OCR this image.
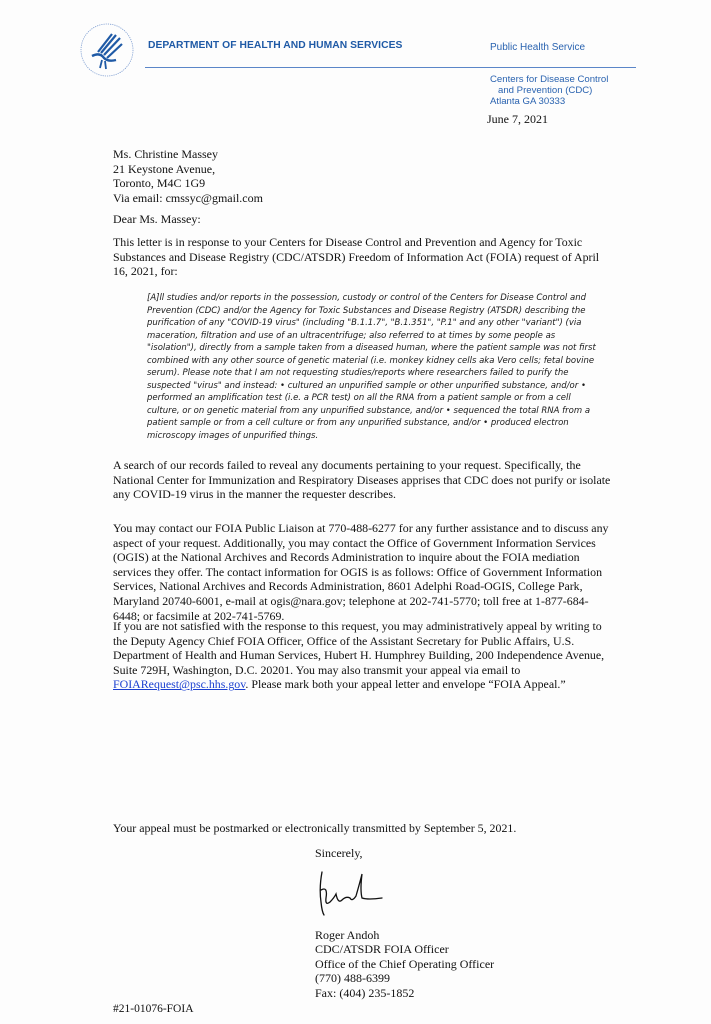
DEPARTMENT OF HEALTH AND HUMAN SERVICES	Public Health Service
Centers for Disease Control
and Prevention (CDC)
Atlanta GA 30333
June 7, 2021
Ms. Christine Massey
21 Keystone Avenue,
Toronto, M4C 1G9
Via email: cmssyc@gmail.com
Dear Ms. Massey:
This letter is in response to your Centers for Disease Control and Prevention and Agency for Toxic
Substances and Disease Registry (CDC/ATSDR) Freedom of Information Act (FOIA) request of April
16, 2021, for:
[A]ll studies and/or reports in the possession, custody or control of the Centers for Disease Control and
Prevention (CDC) and/or the Agency for Toxic Substances and Disease Registry (ATSDR) describing the
purification of any "COVID-19 virus" (including "B.1.1.7", "B.1.351", "P.1" and any other "variant") (via
maceration, filtration and use of an ultracentrifuge; also referred to at times by some people as
"isolation"), directly from a sample taken from a diseased human, where the patient sample was not first
combined with any other source of genetic material (i.e. monkey kidney cells aka Vero cells; fetal bovine
serum). Please note that I am not requesting studies/reports where researchers failed to purify the
suspected "virus" and instead: • cultured an unpurified sample or other unpurified substance, and/or •
performed an amplification test (i.e. a PCR test) on all the RNA from a patient sample or from a cell
culture, or on genetic material from any unpurified substance, and/or • sequenced the total RNA from a
patient sample or from a cell culture or from any unpurified substance, and/or • produced electron
microscopy images of unpurified things.
A search of our records failed to reveal any documents pertaining to your request. Specifically, the
National Center for Immunization and Respiratory Diseases apprises that CDC does not purify or isolate
any COVID-19 virus in the manner the requester describes.
You may contact our FOIA Public Liaison at 770-488-6277 for any further assistance and to discuss any
aspect of your request. Additionally, you may contact the Office of Government Information Services
(OGIS) at the National Archives and Records Administration to inquire about the FOIA mediation
services they offer. The contact information for OGIS is as follows: Office of Government Information
Services, National Archives and Records Administration, 8601 Adelphi Road-OGIS, College Park,
Maryland 20740-6001, e-mail at ogis@nara.gov; telephone at 202-741-5770; toll free at 1-877-684-
6448; or facsimile at 202-741-5769.
If you are not satisfied with the response to this request, you may administratively appeal by writing to
the Deputy Agency Chief FOIA Officer, Office of the Assistant Secretary for Public Affairs, U.S.
Department of Health and Human Services, Hubert H. Humphrey Building, 200 Independence Avenue,
Suite 729H, Washington, D.C. 20201. You may also transmit your appeal via email to
FOIARequest@psc.hhs.gov. Please mark both your appeal letter and envelope “FOIA Appeal.”
Your appeal must be postmarked or electronically transmitted by September 5, 2021.
Sincerely,
Roger Andoh
CDC/ATSDR FOIA Officer
Office of the Chief Operating Officer
(770) 488-6399
Fax: (404) 235-1852
#21-01076-FOIA
